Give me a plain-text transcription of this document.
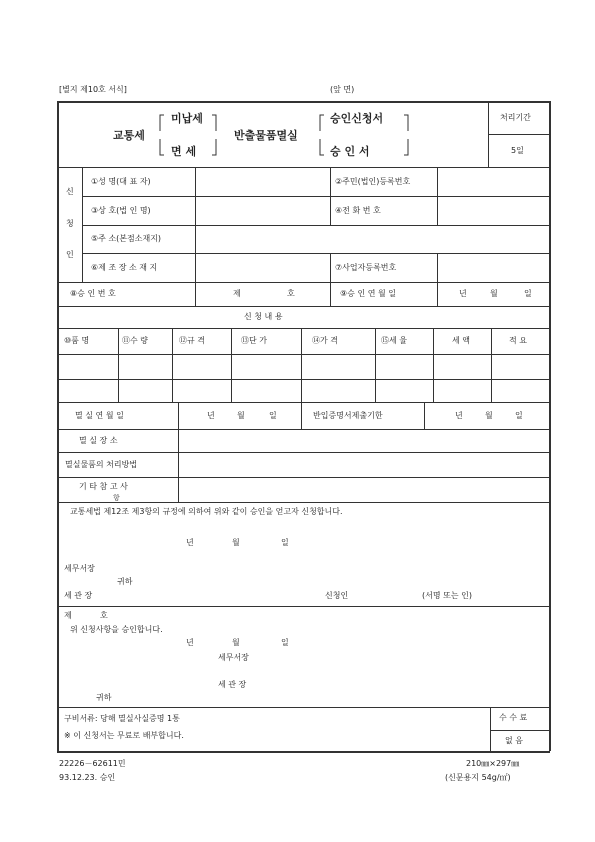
[별지 제10호 서식]	(앞 면)
교통세
미납세
면 세
반출물품멸실
승인신청서
승 인 서
처리기간
5일
신
청
인
①성 명(대 표 자)	②주민(법인)등록번호
③상 호(법 인 명)	④전 화 번 호
⑤주 소(본점소재지)
⑥제 조 장 소 재 지	⑦사업자등록번호
⑧승 인 번 호	제	호	⑨승 인 연 월 일	년	월	일
신 청 내 용
⑩품 명	⑪수 량	⑫규 격	⑬단 가	⑭가 격	⑮세 율	세 액	적 요
멸 실 연 월 일	년	월	일	반입증명서제출기한	년	월	일
멸 실 장 소
멸실물품의 처리방법
기 타 참 고 사
항
교통세법 제12조 제3항의 규정에 의하여 위와 같이 승인을 얻고자 신청합니다.
년	월	일
세무서장
귀하
세 관 장	신청인	(서명 또는 인)
제	호
위 신청사항을 승인합니다.
년	월	일
세무서장
세 관 장
귀하
구비서류: 당해 멸실사실증명 1통
※ 이 신청서는 무료로 배부합니다.
수 수 료
없 음
22226－62611민
93.12.23. 승인
210㎜×297㎜
(신문용지 54g/㎡)
